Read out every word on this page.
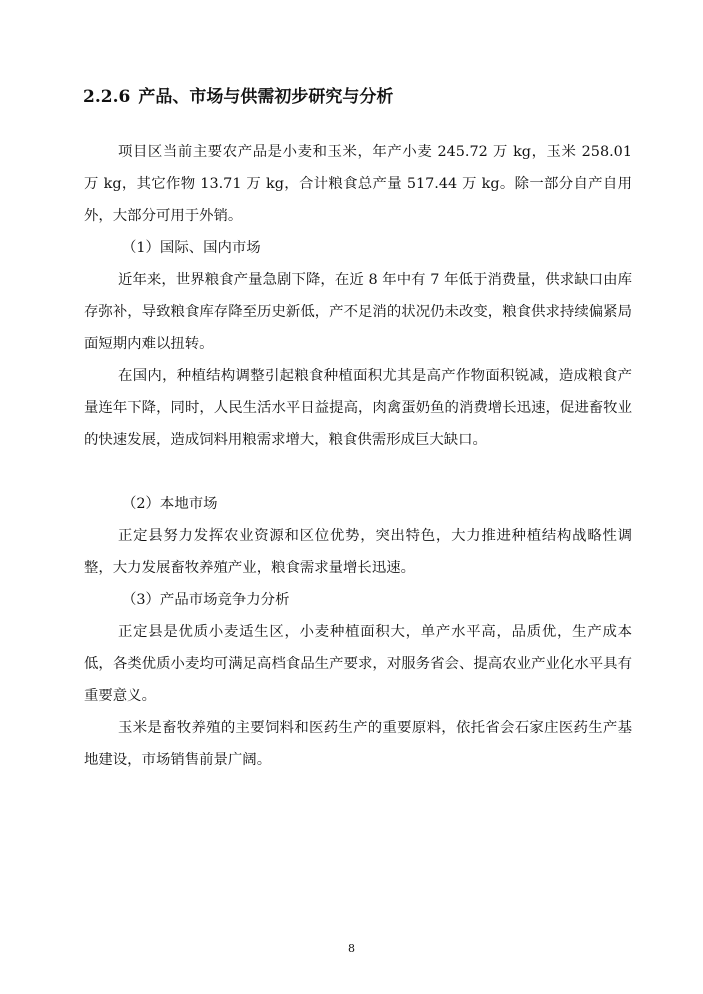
2.2.6 产品、市场与供需初步研究与分析
项目区当前主要农产品是小麦和玉米，年产小麦 245.72 万 kg，玉米 258.01 万 kg，其它作物 13.71 万 kg，合计粮食总产量 517.44 万 kg。除一部分自产自用外，大部分可用于外销。
（1）国际、国内市场
近年来，世界粮食产量急剧下降，在近 8 年中有 7 年低于消费量，供求缺口由库存弥补，导致粮食库存降至历史新低，产不足消的状况仍未改变，粮食供求持续偏紧局面短期内难以扭转。
在国内，种植结构调整引起粮食种植面积尤其是高产作物面积锐减，造成粮食产量连年下降，同时，人民生活水平日益提高，肉禽蛋奶鱼的消费增长迅速，促进畜牧业的快速发展，造成饲料用粮需求增大，粮食供需形成巨大缺口。
（2）本地市场
正定县努力发挥农业资源和区位优势，突出特色，大力推进种植结构战略性调整，大力发展畜牧养殖产业，粮食需求量增长迅速。
（3）产品市场竞争力分析
正定县是优质小麦适生区，小麦种植面积大，单产水平高，品质优，生产成本低，各类优质小麦均可满足高档食品生产要求，对服务省会、提高农业产业化水平具有重要意义。
玉米是畜牧养殖的主要饲料和医药生产的重要原料，依托省会石家庄医药生产基地建设，市场销售前景广阔。
8
